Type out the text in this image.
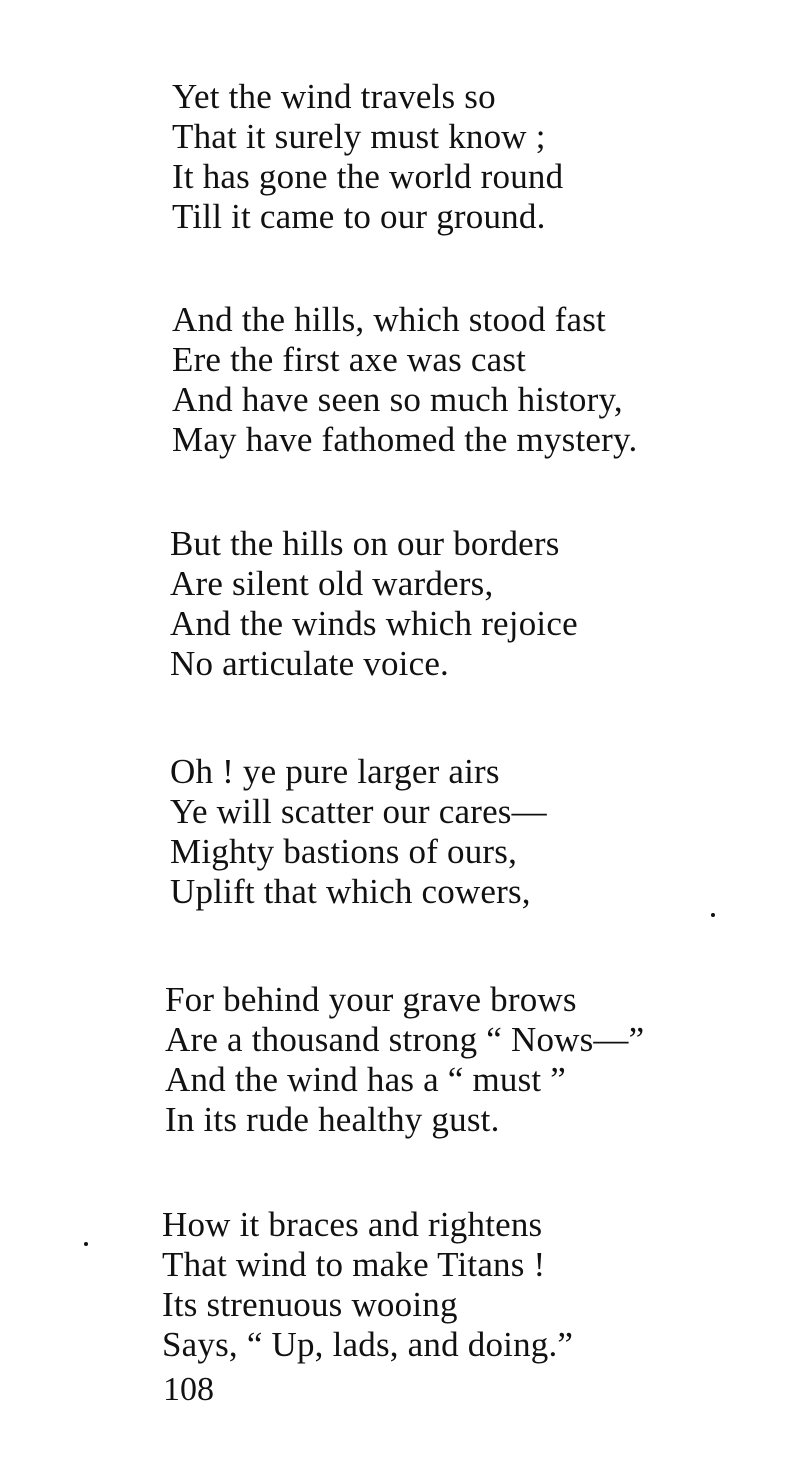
Yet the wind travels so
That it surely must know ;
It has gone the world round
Till it came to our ground.
And the hills, which stood fast
Ere the first axe was cast
And have seen so much history,
May have fathomed the mystery.
But the hills on our borders
Are silent old warders,
And the winds which rejoice
No articulate voice.
Oh ! ye pure larger airs
Ye will scatter our cares—
Mighty bastions of ours,
Uplift that which cowers,
For behind your grave brows
Are a thousand strong “ Nows—”
And the wind has a “ must ”
In its rude healthy gust.
How it braces and rightens
That wind to make Titans !
Its strenuous wooing
Says, “ Up, lads, and doing.”
108
